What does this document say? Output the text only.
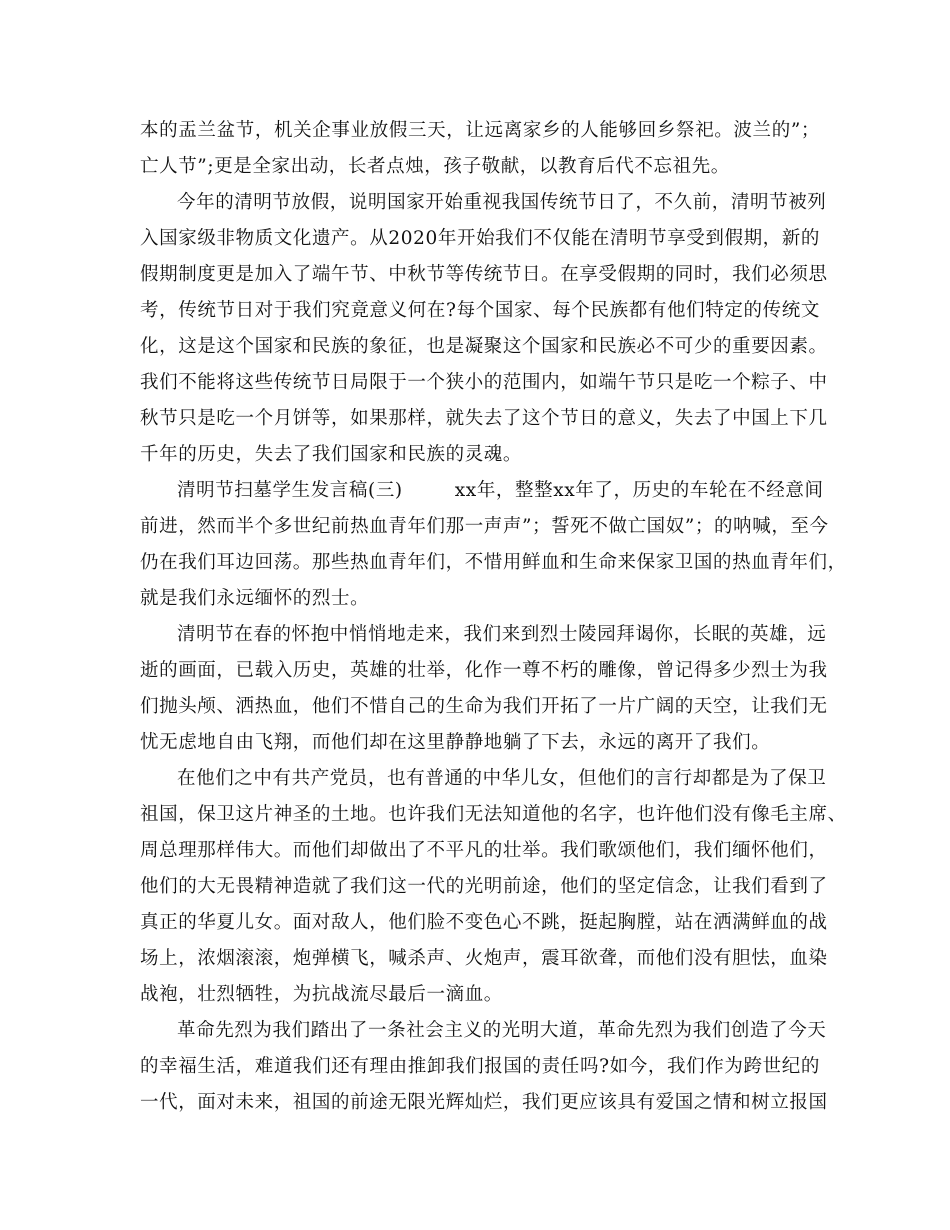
本的盂兰盆节，机关企事业放假三天，让远离家乡的人能够回乡祭祀。波兰的”；
亡人节”;更是全家出动，长者点烛，孩子敬献，以教育后代不忘祖先。
今年的清明节放假，说明国家开始重视我国传统节日了，不久前，清明节被列
入国家级非物质文化遗产。从2020年开始我们不仅能在清明节享受到假期，新的
假期制度更是加入了端午节、中秋节等传统节日。在享受假期的同时，我们必须思
考，传统节日对于我们究竟意义何在?每个国家、每个民族都有他们特定的传统文
化，这是这个国家和民族的象征，也是凝聚这个国家和民族必不可少的重要因素。
我们不能将这些传统节日局限于一个狭小的范围内，如端午节只是吃一个粽子、中
秋节只是吃一个月饼等，如果那样，就失去了这个节日的意义，失去了中国上下几
千年的历史，失去了我们国家和民族的灵魂。
清明节扫墓学生发言稿(三)	xx年，整整xx年了，历史的车轮在不经意间
前进，然而半个多世纪前热血青年们那一声声”；誓死不做亡国奴”；的呐喊，至今
仍在我们耳边回荡。那些热血青年们，不惜用鲜血和生命来保家卫国的热血青年们，
就是我们永远缅怀的烈士。
清明节在春的怀抱中悄悄地走来，我们来到烈士陵园拜谒你，长眠的英雄，远
逝的画面，已载入历史，英雄的壮举，化作一尊不朽的雕像，曾记得多少烈士为我
们抛头颅、洒热血，他们不惜自己的生命为我们开拓了一片广阔的天空，让我们无
忧无虑地自由飞翔，而他们却在这里静静地躺了下去，永远的离开了我们。
在他们之中有共产党员，也有普通的中华儿女，但他们的言行却都是为了保卫
祖国，保卫这片神圣的土地。也许我们无法知道他的名字，也许他们没有像毛主席、
周总理那样伟大。而他们却做出了不平凡的壮举。我们歌颂他们，我们缅怀他们，
他们的大无畏精神造就了我们这一代的光明前途，他们的坚定信念，让我们看到了
真正的华夏儿女。面对敌人，他们脸不变色心不跳，挺起胸膛，站在洒满鲜血的战
场上，浓烟滚滚，炮弹横飞，喊杀声、火炮声，震耳欲聋，而他们没有胆怯，血染
战袍，壮烈牺牲，为抗战流尽最后一滴血。
革命先烈为我们踏出了一条社会主义的光明大道，革命先烈为我们创造了今天
的幸福生活，难道我们还有理由推卸我们报国的责任吗?如今，我们作为跨世纪的
一代，面对未来，祖国的前途无限光辉灿烂，我们更应该具有爱国之情和树立报国
